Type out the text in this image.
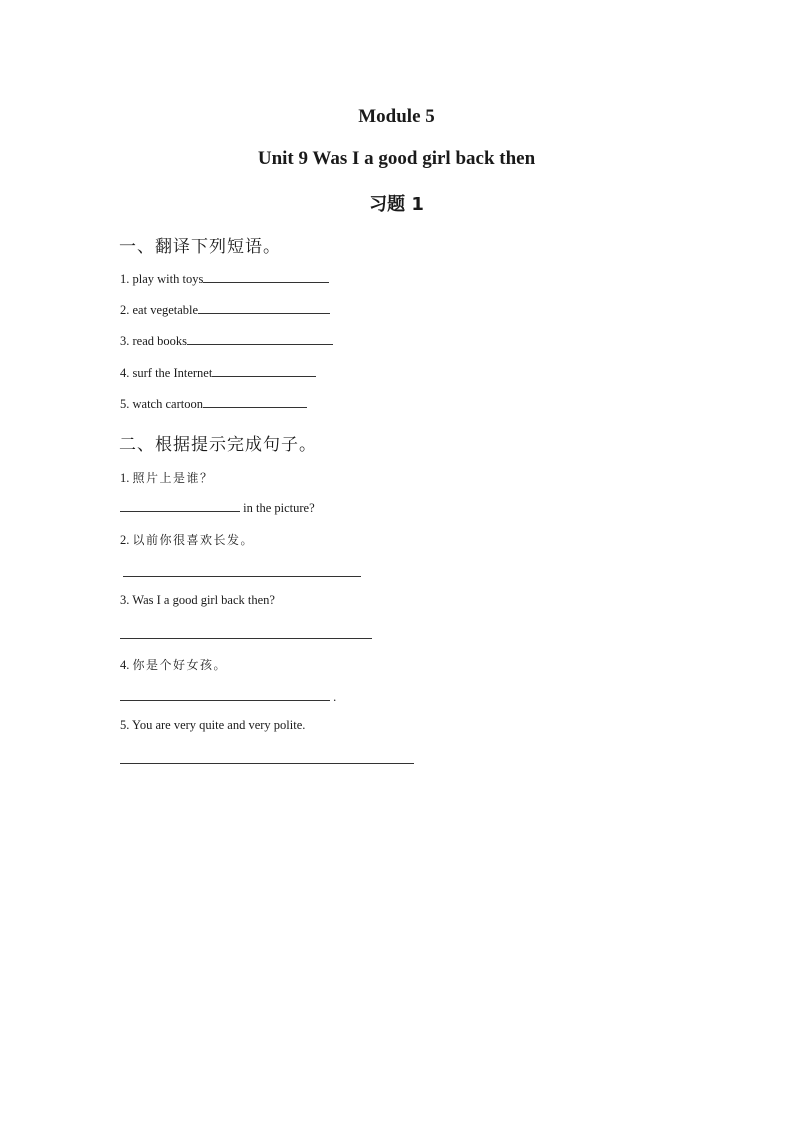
Module 5
Unit 9 Was I a good girl back then
习题 1
一、翻译下列短语。
1. play with toys
2. eat vegetable
3. read books
4. surf the Internet
5. watch cartoon
二、根据提示完成句子。
1. 照片上是谁？
in the picture?
2. 以前你很喜欢长发。
3. Was I a good girl back then?
4. 你是个好女孩。
.
5. You are very quite and very polite.
